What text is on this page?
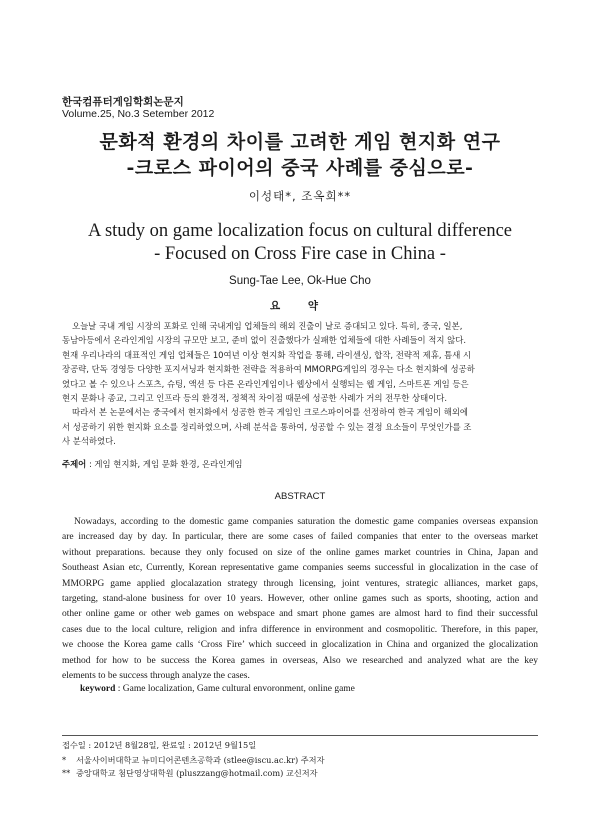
한국컴퓨터게임학회논문지
Volume.25, No.3 Setember 2012
문화적 환경의 차이를 고려한 게임 현지화 연구
-크로스 파이어의 중국 사례를 중심으로-
이성태*, 조옥희**
A study on game localization focus on cultural difference
- Focused on Cross Fire case in China -
Sung-Tae Lee, Ok-Hue Cho
요 약
오늘날 국내 게임 시장의 포화로 인해 국내게임 업체들의 해외 진출이 날로 증대되고 있다. 특히, 중국, 일본,
동남아등에서 온라인게임 시장의 규모만 보고, 준비 없이 진출했다가 실패한 업체들에 대한 사례들이 적지 않다.
현재 우리나라의 대표적인 게임 업체들은 10여년 이상 현지화 작업을 통해, 라이센싱, 합작, 전략적 제휴, 틈새 시
장공략, 단독 경영등 다양한 포지셔닝과 현지화한 전략을 적용하여 MMORPG게임의 경우는 다소 현지화에 성공하
였다고 볼 수 있으나 스포츠, 슈팅, 액션 등 다른 온라인게임이나 웹상에서 실행되는 웹 게임, 스마트폰 게임 등은
현지 문화나 종교, 그리고 인프라 등의 환경적, 정책적 차이점 때문에 성공한 사례가 거의 전무한 상태이다.
따라서 본 논문에서는 중국에서 현지화에서 성공한 한국 게임인 크로스파이어를 선정하여 한국 게임이 해외에
서 성공하기 위한 현지화 요소를 정리하였으며, 사례 분석을 통하여, 성공할 수 있는 결정 요소들이 무엇인가를 조
사 분석하였다.
주제어 : 게임 현지화, 게임 문화 환경, 온라인게임
ABSTRACT
Nowadays, according to the domestic game companies saturation the domestic game companies overseas expansion
are increased day by day. In particular, there are some cases of failed companies that enter to the overseas market
without preparations. because they only focused on size of the online games market countries in China, Japan and
Southeast Asian etc, Currently, Korean representative game companies seems successful in glocalization in the case of
MMORPG game applied glocalazation strategy through licensing, joint ventures, strategic alliances, market gaps,
targeting, stand-alone business for over 10 years. However, other online games such as sports, shooting, action and
other online game or other web games on webspace and smart phone games are almost hard to find their successful
cases due to the local culture, religion and infra difference in environment and cosmopolitic. Therefore, in this paper,
we choose the Korea game calls ‘Cross Fire’ which succeed in glocalization in China and organized the glocalization
method for how to be success the Korea games in overseas, Also we researched and analyzed what are the key
elements to be success through analyze the cases.
keyword : Game localization, Game cultural envoronment, online game
접수일 : 2012년 8월28일, 완료일 : 2012년 9월15일
* 서울사이버대학교 뉴미디어콘텐츠공학과 (stlee@iscu.ac.kr) 주저자
** 중앙대학교 첨단영상대학원 (pluszzang@hotmail.com) 교신저자
